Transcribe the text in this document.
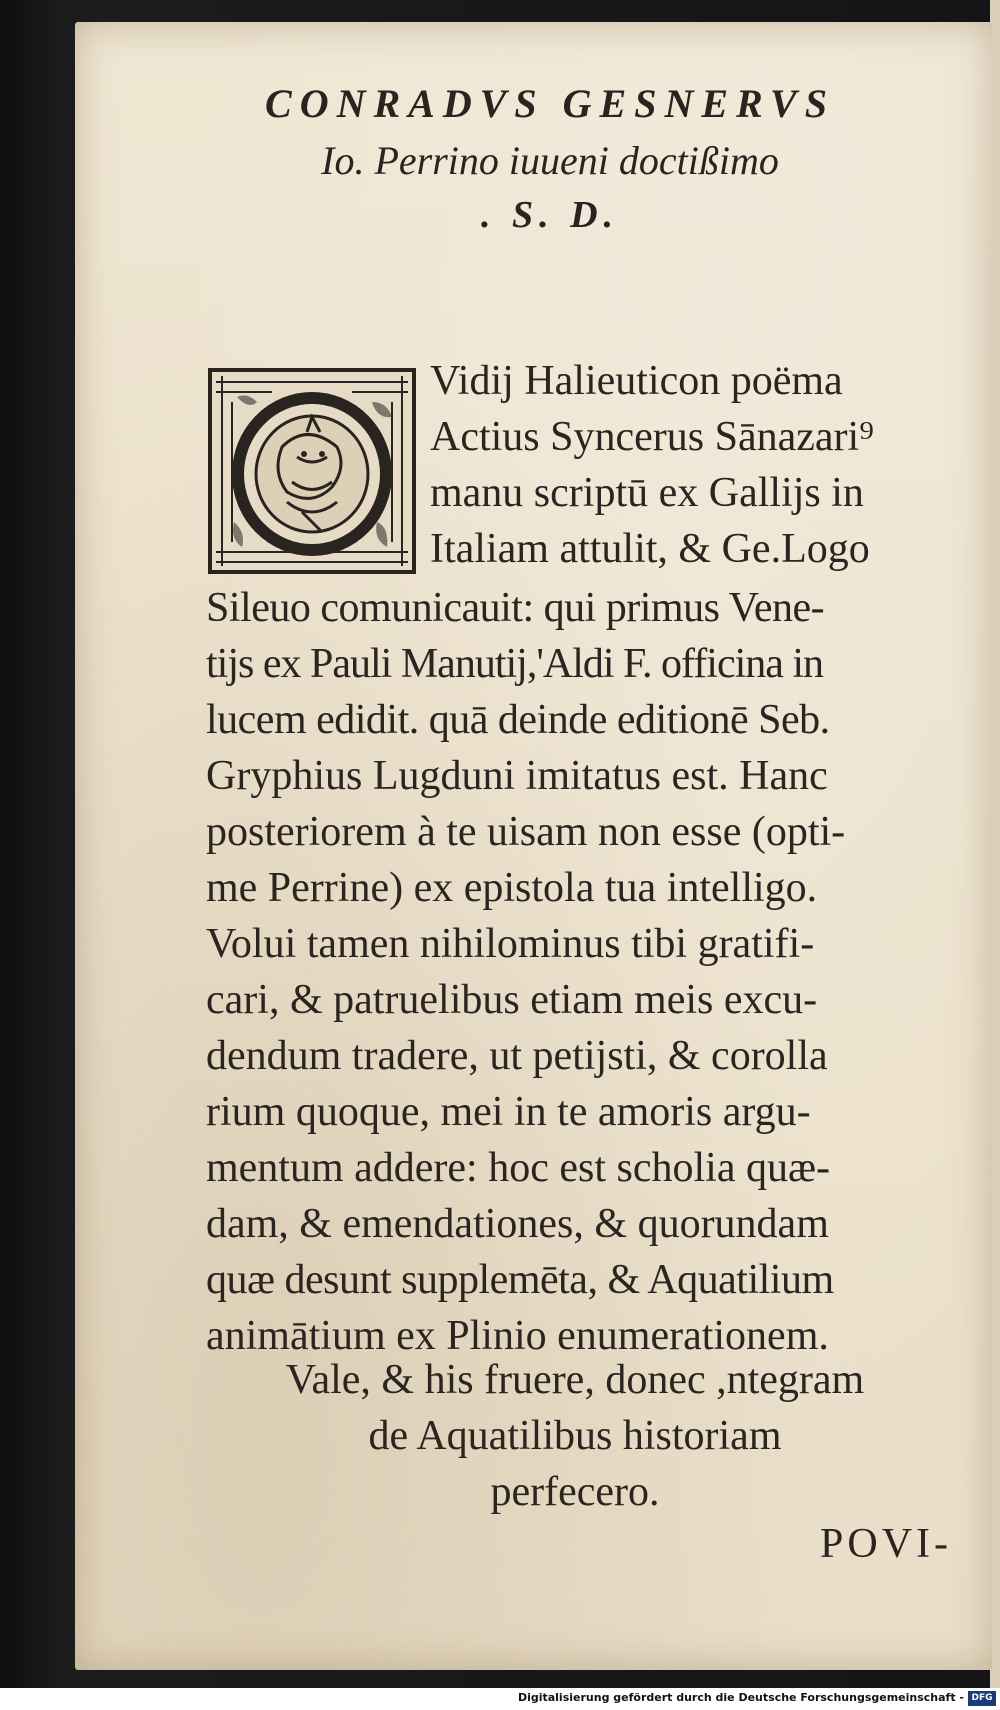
CONRADVS GESNERVS
Io. Perrino iuueni doctißimo
. S. D.
Vidij Halieuticon poëma
Actius Syncerus Sānazari⁹
manu scriptū ex Gallijs in
Italiam attulit, & Ge.Logo
Sileuo comunicauit: qui primus Vene-
tijs ex Pauli Manutij,'Aldi F. officina in
lucem edidit. quā deinde editionē Seb.
Gryphius Lugduni imitatus est. Hanc
posteriorem à te uisam non esse (opti-
me Perrine) ex epistola tua intelligo.
Volui tamen nihilominus tibi gratifi-
cari, & patruelibus etiam meis excu-
dendum tradere, ut petijsti, & corolla
rium quoque, mei in te amoris argu-
mentum addere: hoc est scholia quæ-
dam, & emendationes, & quorundam
quæ desunt supplemēta, & Aquatilium
animātium ex Plinio enumerationem.
Vale, & his fruere, donec ,ntegram
de Aquatilibus historiam
perfecero.
POVI-
Digitalisierung gefördert durch die Deutsche Forschungsgemeinschaft - DFG
